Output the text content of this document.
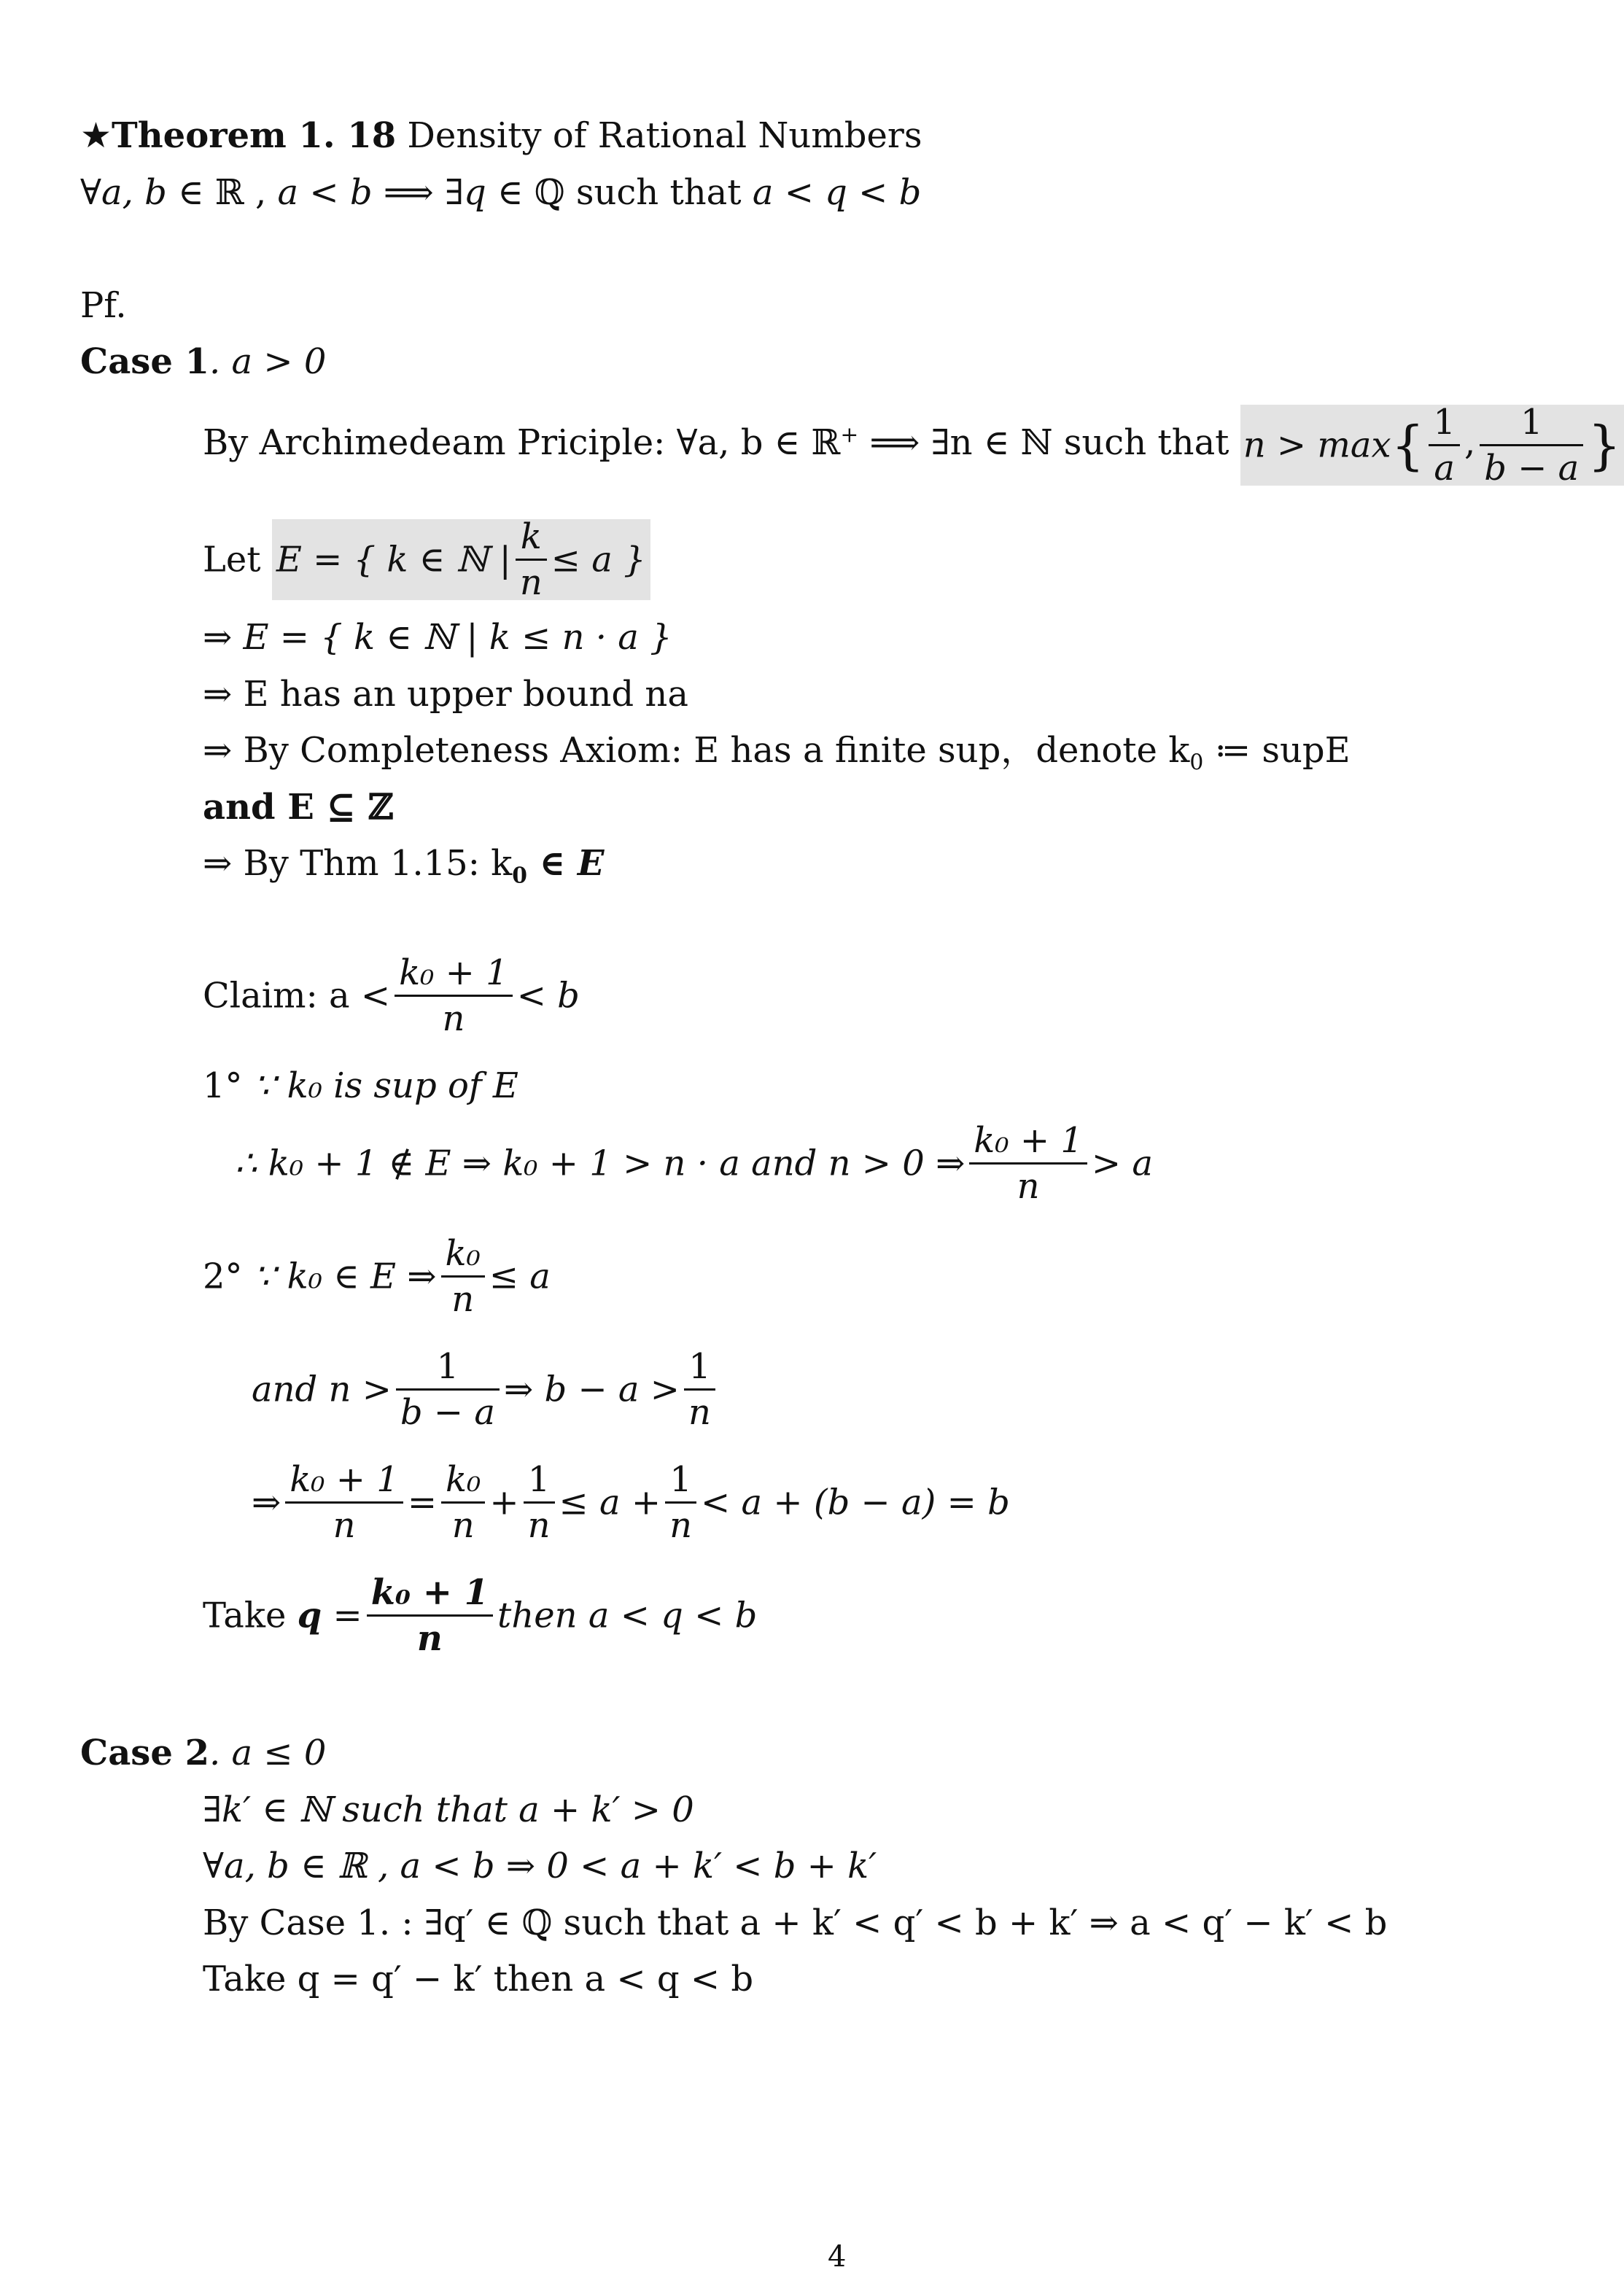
★Theorem 1. 18 Density of Rational Numbers
∀a, b ∈ ℝ , a < b ⟹ ∃q ∈ ℚ such that a < q < b
Pf.
Case 1. a > 0
By Archimedeam Priciple: ∀a, b ∈ ℝ+ ⟹ ∃n ∈ ℕ such that $n > \max\{ \frac{1}{a}$ , $\frac{1}{b - a}$ }
Let E = { k ∈ ℕ | $\frac{k}{n} \le a$ }
⇒ E = { k ∈ ℕ | k ≤ n · a }
⇒ E has an upper bound na
⇒ By Completeness Axiom: E has a finite sup，denote $k_0$ ≔ supE
and E ⊆ ℤ
⇒ By Thm 1.15: $k_0$ ∈ E
Claim: $a < \frac{\text{k₀ + 1}}{n} < b$
1° ∵ k₀ is sup of E
∴ k₀ + 1 ∉ E ⇒ k₀ + 1 > n · a and n > 0 ⇒ $\frac{\text{k₀ + 1}}{n} > a$
2° ∵ k₀ ∈ E ⇒ $\frac{\text{k₀}}{n} \le a$
and $n > \frac{1}{b - a}$ ⇒ $b - a > \frac{1}{n}$
⇒ $\frac{\text{k₀ + 1}}{n} = \frac{\text{k₀}}{n} + \frac{1}{n} \le a + \frac{1}{n} < a + (b - a) = b$
Take $q = \frac{\text{k₀ + 1}}{n}$ then a < q < b
Case 2. a ≤ 0
∃k′ ∈ ℕ such that a + k′ > 0
∀a, b ∈ ℝ , a < b ⇒ 0 < a + k′ < b + k′
By Case 1. : ∃q′ ∈ ℚ such that a + k′ < q′ < b + k′ ⇒ a < q′ − k′ < b
Take q = q′ − k′ then a < q < b
4
